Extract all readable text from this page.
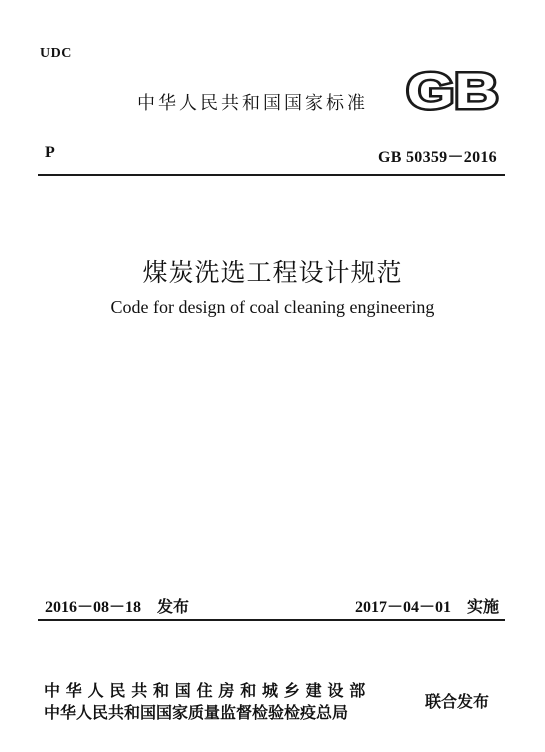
UDC
中华人民共和国国家标准 GB
P	GB 50359－2016
煤炭洗选工程设计规范
Code for design of coal cleaning engineering
2016－08－18　发布	2017－04－01　实施
中华人民共和国住房和城乡建设部
中华人民共和国国家质量监督检验检疫总局
联合发布
